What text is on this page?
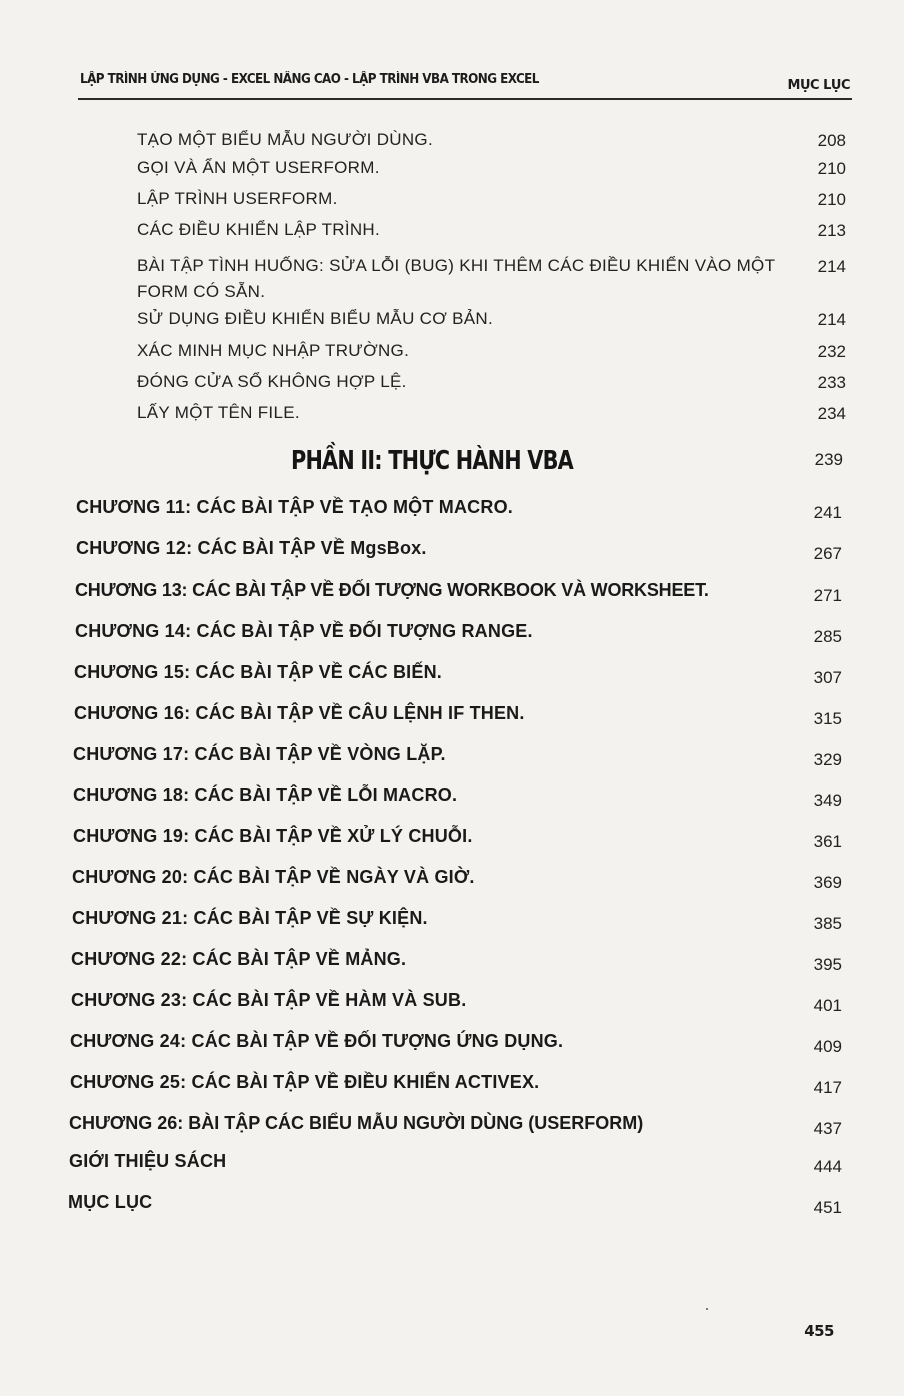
LẬP TRÌNH ỨNG DỤNG - EXCEL NÂNG CAO - LẬP TRÌNH VBA TRONG EXCEL	MỤC LỤC
TẠO MỘT BIỂU MẪU NGƯỜI DÙNG.	208
GỌI VÀ ẨN MỘT USERFORM.	210
LẬP TRÌNH USERFORM.	210
CÁC ĐIỀU KHIỂN LẬP TRÌNH.	213
BÀI TẬP TÌNH HUỐNG: SỬA LỖI (BUG) KHI THÊM CÁC ĐIỀU KHIỂN VÀO MỘT FORM CÓ SẴN.
214
SỬ DỤNG ĐIỀU KHIỂN BIỂU MẪU CƠ BẢN.	214
XÁC MINH MỤC NHẬP TRƯỜNG.	232
ĐÓNG CỬA SỔ KHÔNG HỢP LỆ.	233
LẤY MỘT TÊN FILE.	234
PHẦN II: THỰC HÀNH VBA	239
CHƯƠNG 11: CÁC BÀI TẬP VỀ TẠO MỘT MACRO.	241
CHƯƠNG 12: CÁC BÀI TẬP VỀ MgsBox.	267
CHƯƠNG 13: CÁC BÀI TẬP VỀ ĐỐI TƯỢNG WORKBOOK VÀ WORKSHEET.	271
CHƯƠNG 14: CÁC BÀI TẬP VỀ ĐỐI TƯỢNG RANGE.	285
CHƯƠNG 15: CÁC BÀI TẬP VỀ CÁC BIẾN.	307
CHƯƠNG 16: CÁC BÀI TẬP VỀ CÂU LỆNH IF THEN.	315
CHƯƠNG 17: CÁC BÀI TẬP VỀ VÒNG LẶP.	329
CHƯƠNG 18: CÁC BÀI TẬP VỀ LỖI MACRO.	349
CHƯƠNG 19: CÁC BÀI TẬP VỀ XỬ LÝ CHUỖI.	361
CHƯƠNG 20: CÁC BÀI TẬP VỀ NGÀY VÀ GIỜ.	369
CHƯƠNG 21: CÁC BÀI TẬP VỀ SỰ KIỆN.	385
CHƯƠNG 22: CÁC BÀI TẬP VỀ MẢNG.	395
CHƯƠNG 23: CÁC BÀI TẬP VỀ HÀM VÀ SUB.	401
CHƯƠNG 24: CÁC BÀI TẬP VỀ ĐỐI TƯỢNG ỨNG DỤNG.	409
CHƯƠNG 25: CÁC BÀI TẬP VỀ ĐIỀU KHIỂN ACTIVEX.	417
CHƯƠNG 26: BÀI TẬP CÁC BIỂU MẪU NGƯỜI DÙNG (USERFORM)	437
GIỚI THIỆU SÁCH	444
MỤC LỤC	451
455
